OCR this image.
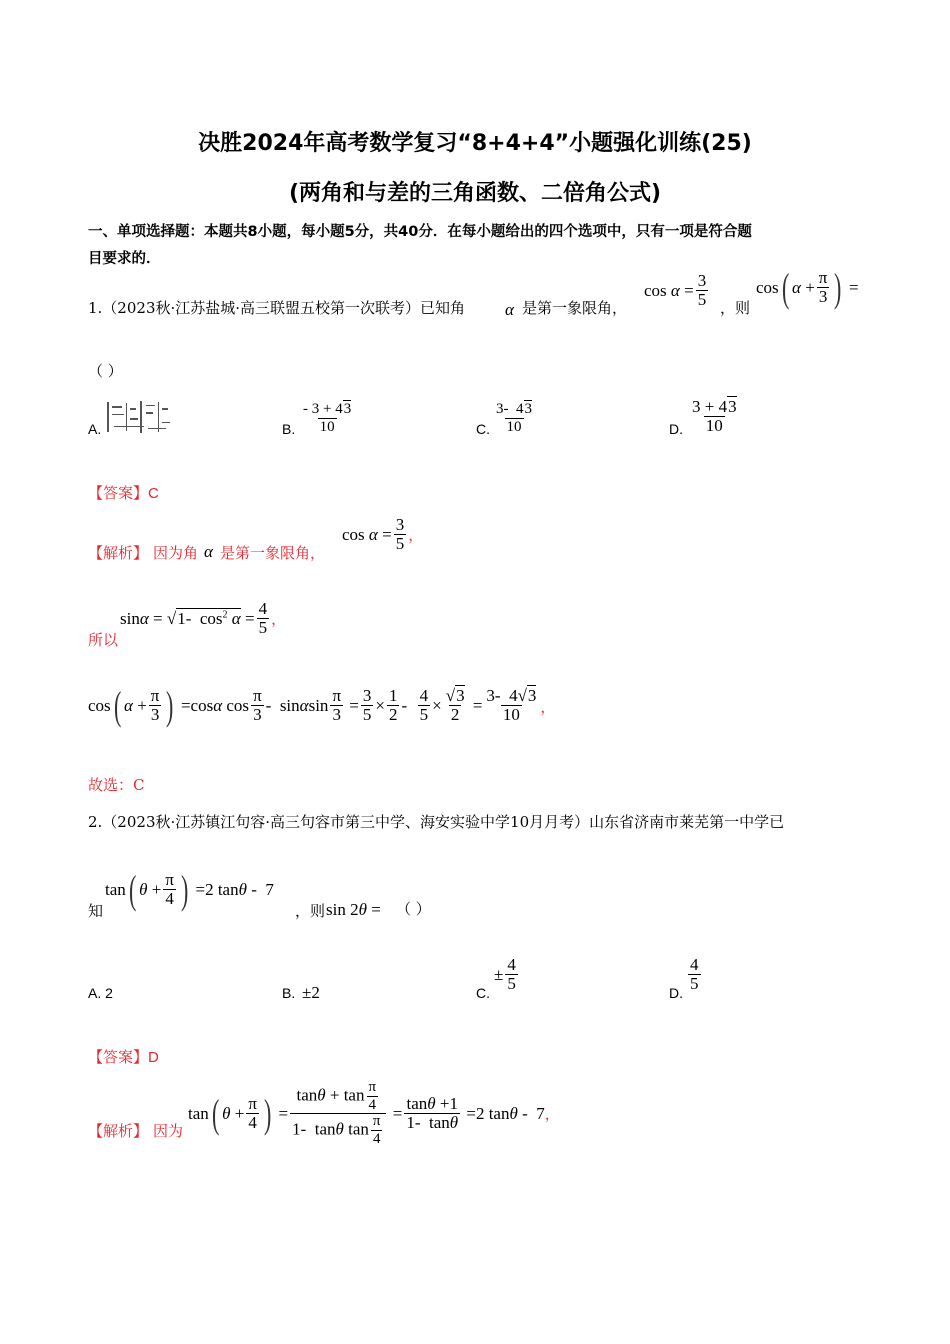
决胜2024年高考数学复习“8+4+4”小题强化训练(25)
(两角和与差的三角函数、二倍角公式)
一、单项选择题：本题共8小题，每小题5分，共40分．在每小题给出的四个选项中，只有一项是符合题
目要求的．
1.（2023秋·江苏盐城·高三联盟五校第一次联考）已知角 α 是第一象限角，
$\cos \alpha = \frac{3}{5}$ ，则
cos ( $\alpha + \frac{\pi}{3}$ ) =
（ ）
A.	B. $\frac{- 3 + 43}{10}$	C. $\frac{3- 43}{10}$	D. $\frac{3 + 43}{10}$
【答案】C
【解析】 因为角 α 是第一象限角，
$\cos \alpha = \frac{3}{5}$ ，
所以
sin α = √ 1-  $\cos^2 \alpha = \frac{4}{5}$ ，
cos ( $\alpha + \frac{\pi}{3}$ ) =cos α $\cos \frac{\pi}{3}$ -  sin α $\sin \frac{\pi}{3} = \frac{3}{5} \times \frac{1}{2} - \frac{4}{5} \times \frac{√3}{2} = \frac{3- 4√3}{10}$ ，
故选：C
2.（2023秋·江苏镇江句容·高三句容市第三中学、海安实验中学10月月考）山东省济南市莱芜第一中学已
知
tan ( $\theta + \frac{\pi}{4}$ ) =2 tan θ -  7
，则 sin 2 θ = （ ）
A. 2	B. ±2	C.
± $\frac{4}{5}$	D. $\frac{4}{5}$
【答案】D
【解析】 因为
tan ( $\theta + \frac{\pi}{4}$ ) = $\frac{\tan\theta + \tan \frac{\pi}{4}}{1- \tan\theta \tan \frac{\pi}{4}} = \frac{\tan\theta +1}{1- \tan\theta} =2$ tan θ -  7 ，
